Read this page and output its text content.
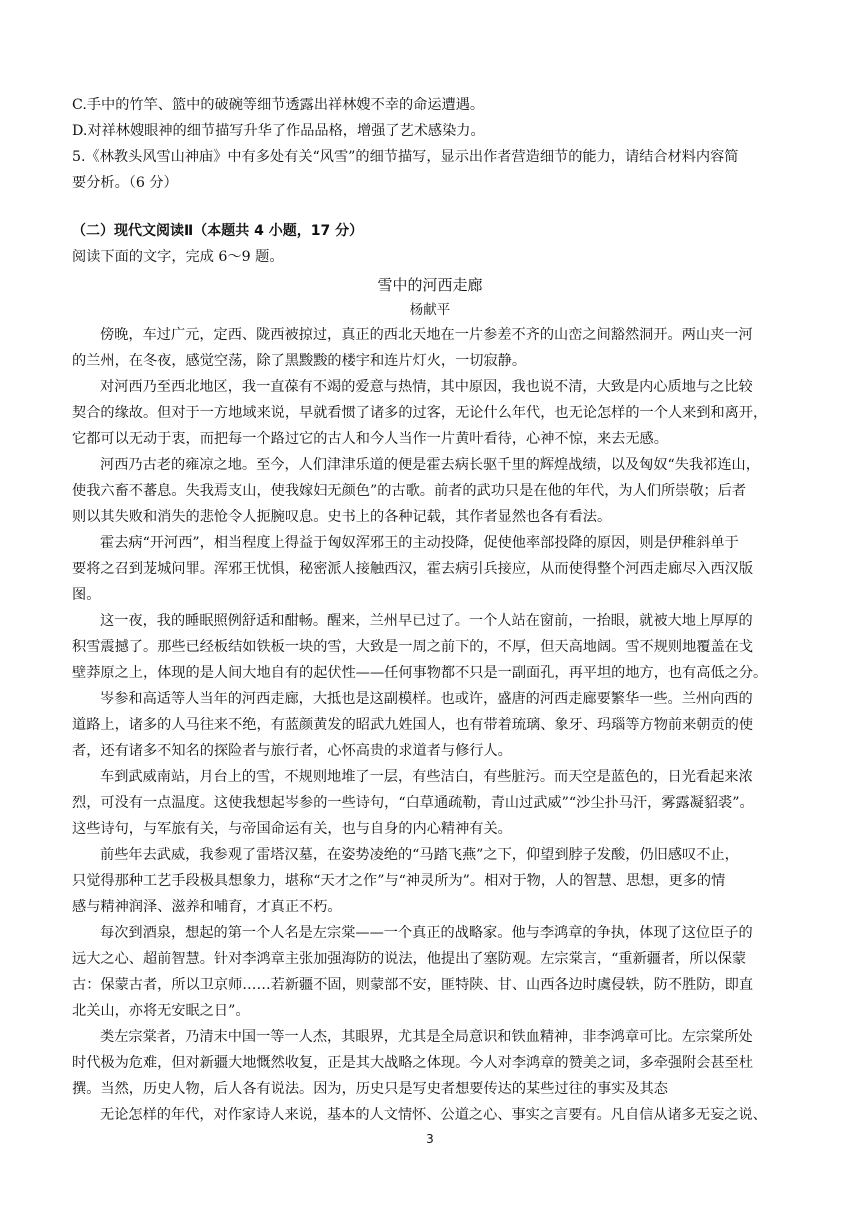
C.手中的竹竿、篮中的破碗等细节透露出祥林嫂不幸的命运遭遇。
D.对祥林嫂眼神的细节描写升华了作品品格，增强了艺术感染力。
5.《林教头风雪山神庙》中有多处有关“风雪”的细节描写，显示出作者营造细节的能力，请结合材料内容简
要分析。（6 分）
（二）现代文阅读Ⅱ（本题共 4 小题，17 分）
阅读下面的文字，完成 6～9 题。
雪中的河西走廊
杨献平
傍晚，车过广元，定西、陇西被掠过，真正的西北天地在一片参差不齐的山峦之间豁然洞开。两山夹一河
的兰州，在冬夜，感觉空荡，除了黑黢黢的楼宇和连片灯火，一切寂静。
对河西乃至西北地区，我一直葆有不竭的爱意与热情，其中原因，我也说不清，大致是内心质地与之比较
契合的缘故。但对于一方地域来说，早就看惯了诸多的过客，无论什么年代，也无论怎样的一个人来到和离开，
它都可以无动于衷，而把每一个路过它的古人和今人当作一片黄叶看待，心神不惊，来去无感。
河西乃古老的雍凉之地。至今，人们津津乐道的便是霍去病长驱千里的辉煌战绩，以及匈奴“失我祁连山，
使我六畜不蕃息。失我焉支山，使我嫁妇无颜色”的古歌。前者的武功只是在他的年代，为人们所崇敬；后者
则以其失败和消失的悲怆令人扼腕叹息。史书上的各种记载，其作者显然也各有看法。
霍去病“开河西”，相当程度上得益于匈奴浑邪王的主动投降，促使他率部投降的原因，则是伊稚斜单于
要将之召到茏城问罪。浑邪王忧惧，秘密派人接触西汉，霍去病引兵接应，从而使得整个河西走廊尽入西汉版
图。
这一夜，我的睡眠照例舒适和酣畅。醒来，兰州早已过了。一个人站在窗前，一抬眼，就被大地上厚厚的
积雪震撼了。那些已经板结如铁板一块的雪，大致是一周之前下的，不厚，但天高地阔。雪不规则地覆盖在戈
壁莽原之上，体现的是人间大地自有的起伏性——任何事物都不只是一副面孔，再平坦的地方，也有高低之分。
岑参和高适等人当年的河西走廊，大抵也是这副模样。也或许，盛唐的河西走廊要繁华一些。兰州向西的
道路上，诸多的人马往来不绝，有蓝颜黄发的昭武九姓国人，也有带着琉璃、象牙、玛瑙等方物前来朝贡的使
者，还有诸多不知名的探险者与旅行者，心怀高贵的求道者与修行人。
车到武威南站，月台上的雪，不规则地堆了一层，有些洁白，有些脏污。而天空是蓝色的，日光看起来浓
烈，可没有一点温度。这使我想起岑参的一些诗句，“白草通疏勒，青山过武威”“沙尘扑马汗，雾露凝貂裘”。
这些诗句，与军旅有关，与帝国命运有关，也与自身的内心精神有关。
前些年去武威，我参观了雷塔汉墓，在姿势凌绝的“马踏飞燕”之下，仰望到脖子发酸，仍旧感叹不止，
只觉得那种工艺手段极具想象力，堪称“天才之作”与“神灵所为”。相对于物，人的智慧、思想，更多的情
感与精神润泽、滋养和哺育，才真正不朽。
每次到酒泉，想起的第一个人名是左宗棠——一个真正的战略家。他与李鸿章的争执，体现了这位臣子的
远大之心、超前智慧。针对李鸿章主张加强海防的说法，他提出了塞防观。左宗棠言，“重新疆者，所以保蒙
古：保蒙古者，所以卫京师……若新疆不固，则蒙部不安，匪特陕、甘、山西各边时虞侵轶，防不胜防，即直
北关山，亦将无安眠之日”。
类左宗棠者，乃清末中国一等一人杰，其眼界，尤其是全局意识和铁血精神，非李鸿章可比。左宗棠所处
时代极为危难，但对新疆大地慨然收复，正是其大战略之体现。今人对李鸿章的赞美之词，多牵强附会甚至杜
撰。当然，历史人物，后人各有说法。因为，历史只是写史者想要传达的某些过往的事实及其态
无论怎样的年代，对作家诗人来说，基本的人文情怀、公道之心、事实之言要有。凡自信从诸多无妄之说、
3
